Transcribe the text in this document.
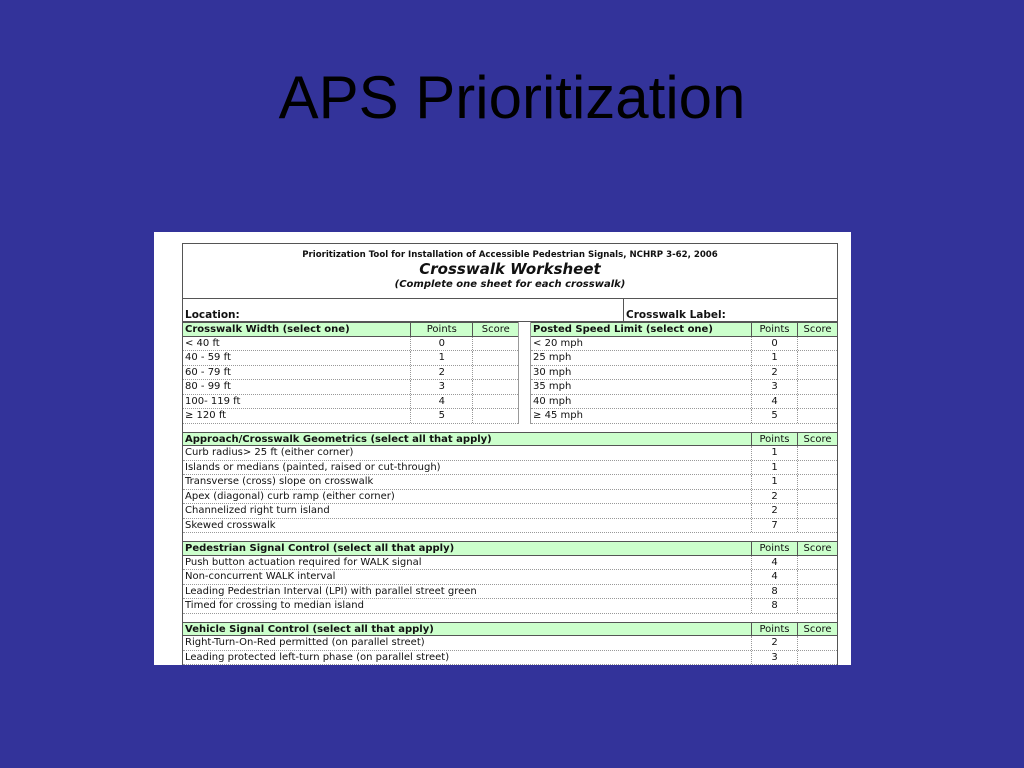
APS Prioritization
Prioritization Tool for Installation of Accessible Pedestrian Signals, NCHRP 3-62, 2006
Crosswalk Worksheet
(Complete one sheet for each crosswalk)
Location:	Crosswalk Label:
Crosswalk Width (select one)	Points	Score
< 40 ft	0
40 - 59 ft	1
60 - 79 ft	2
80 - 99 ft	3
100- 119 ft	4
≥ 120 ft	5
Posted Speed Limit (select one)	Points	Score
< 20 mph	0
25 mph	1
30 mph	2
35 mph	3
40 mph	4
≥ 45 mph	5
Approach/Crosswalk Geometrics (select all that apply)	Points	Score
Curb radius> 25 ft (either corner)	1
Islands or medians (painted, raised or cut-through)	1
Transverse (cross) slope on crosswalk	1
Apex (diagonal) curb ramp (either corner)	2
Channelized right turn island	2
Skewed crosswalk	7
Pedestrian Signal Control (select all that apply)	Points	Score
Push button actuation required for WALK signal	4
Non-concurrent WALK interval	4
Leading Pedestrian Interval (LPI) with parallel street green	8
Timed for crossing to median island	8
Vehicle Signal Control (select all that apply)	Points	Score
Right-Turn-On-Red permitted (on parallel street)	2
Leading protected left-turn phase (on parallel street)	3
